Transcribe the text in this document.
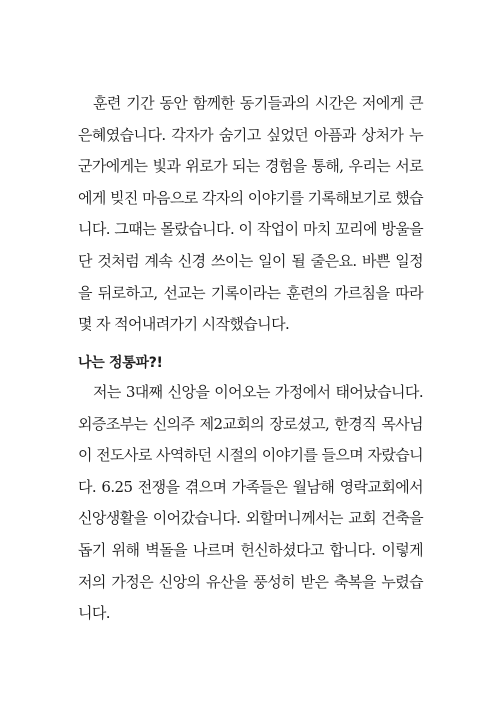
훈련 기간 동안 함께한 동기들과의 시간은 저에게 큰 은혜였습니다. 각자가 숨기고 싶었던 아픔과 상처가 누군가에게는 빛과 위로가 되는 경험을 통해, 우리는 서로에게 빚진 마음으로 각자의 이야기를 기록해보기로 했습니다. 그때는 몰랐습니다. 이 작업이 마치 꼬리에 방울을 단 것처럼 계속 신경 쓰이는 일이 될 줄은요. 바쁜 일정을 뒤로하고, 선교는 기록이라는 훈련의 가르침을 따라 몇 자 적어내려가기 시작했습니다.

나는 정통파?!

저는 3대째 신앙을 이어오는 가정에서 태어났습니다. 외증조부는 신의주 제2교회의 장로셨고, 한경직 목사님이 전도사로 사역하던 시절의 이야기를 들으며 자랐습니다. 6.25 전쟁을 겪으며 가족들은 월남해 영락교회에서 신앙생활을 이어갔습니다. 외할머니께서는 교회 건축을 돕기 위해 벽돌을 나르며 헌신하셨다고 합니다. 이렇게 저의 가정은 신앙의 유산을 풍성히 받은 축복을 누렸습니다.
